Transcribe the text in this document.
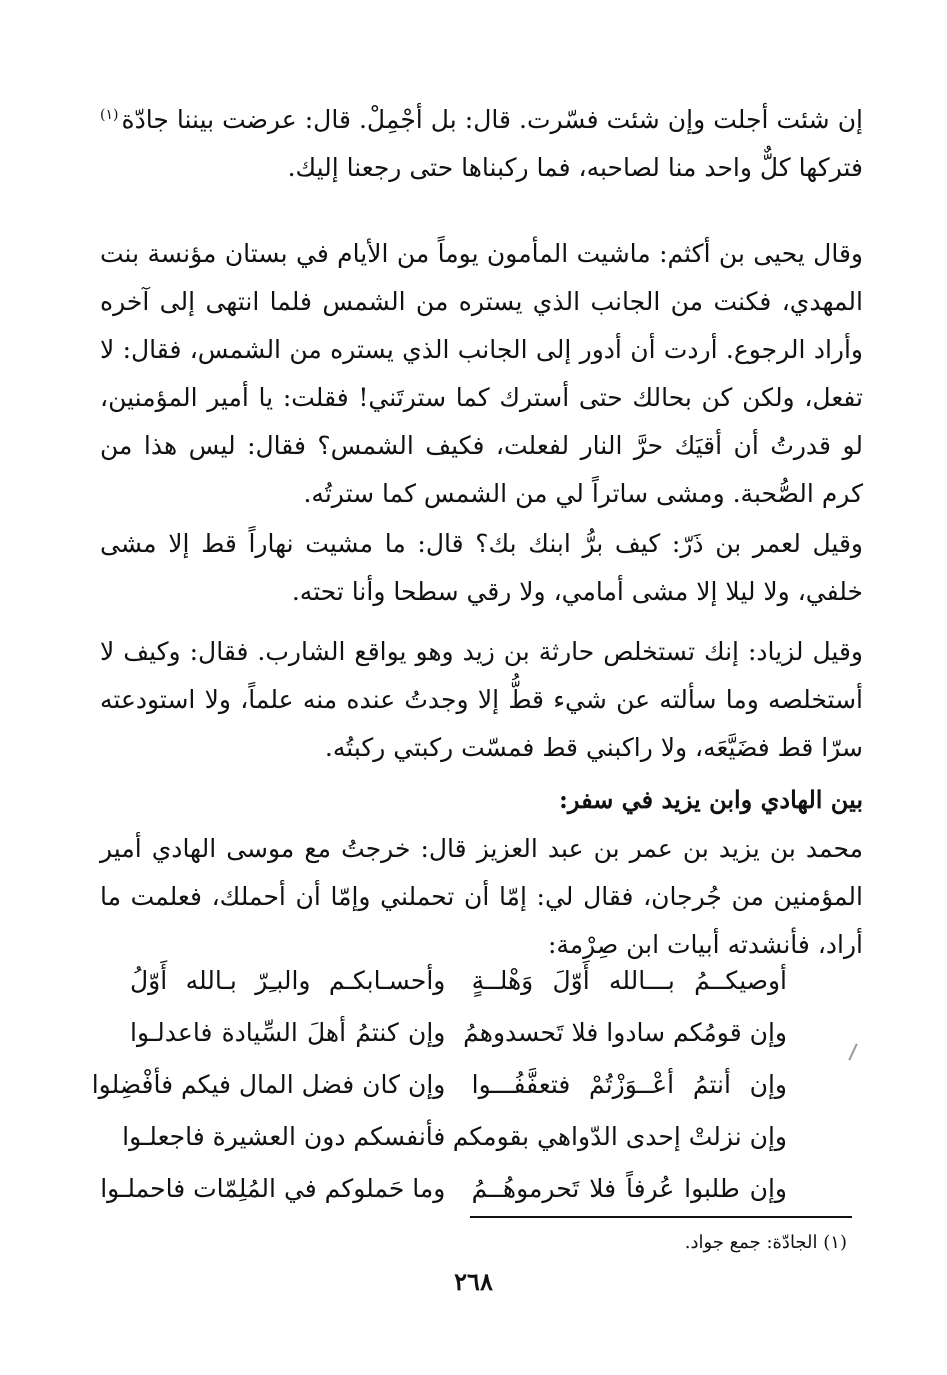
إن شئت أجلت وإن شئت فسّرت. قال: بل أجْمِلْ. قال: عرضت بيننا جادّة$^{(١)}$ فتركها كلٌّ واحد منا لصاحبه، فما ركبناها حتى رجعنا إليك.

وقال يحيى بن أكثم: ماشيت المأمون يوماً من الأيام في بستان مؤنسة بنت المهدي، فكنت من الجانب الذي يستره من الشمس فلما انتهى إلى آخره وأراد الرجوع. أردت أن أدور إلى الجانب الذي يستره من الشمس، فقال: لا تفعل، ولكن كن بحالك حتى أسترك كما سترتَني! فقلت: يا أمير المؤمنين، لو قدرتُ أن أقيَك حرَّ النار لفعلت، فكيف الشمس؟ فقال: ليس هذا من كرم الصُّحبة. ومشى ساتراً لي من الشمس كما سترتُه.

وقيل لعمر بن ذَرّ: كيف برُّ ابنك بك؟ قال: ما مشيت نهاراً قط إلا مشى خلفي، ولا ليلا إلا مشى أمامي، ولا رقي سطحا وأنا تحته.

وقيل لزياد: إنك تستخلص حارثة بن زيد وهو يواقع الشارب. فقال: وكيف لا أستخلصه وما سألته عن شيء قطُّ إلا وجدتُ عنده منه علماً، ولا استودعته سرّا قط فضَيَّعَه، ولا راكبني قط فمسّت ركبتي ركبتُه.

بين الهادي وابن يزيد في سفر:

محمد بن يزيد بن عمر بن عبد العزيز قال: خرجتُ مع موسى الهادي أمير المؤمنين من جُرجان، فقال لي: إمّا أن تحملني وإمّا أن أحملك، فعلمت ما أراد، فأنشدته أبيات ابن صِرْمة:

أوصيكــمُ بـــالله أَوّلَ وَهْلــةٍ
وأحسـابكـم والبـِرّ بـالله أَوّلُ
وإن قومُكم سادوا فلا تَحسدوهمُ
وإن كنتمُ أهلَ السِّيادة فاعدلـوا
وإن أنتمُ أعْــوَزْتُمْ فتعفَّفُـــوا
وإن كان فضل المال فيكم فأفْضِلوا
وإن نزلتْ إحدى الدّواهي بقومكم
فأنفسكم دون العشيرة فاجعلـوا
وإن طلبوا عُرفاً فلا تَحرموهُــمُ
وما حَملوكم في المُلِمّات فاحملـوا

(١) الجادّة: جمع جواد.

٢٦٨
